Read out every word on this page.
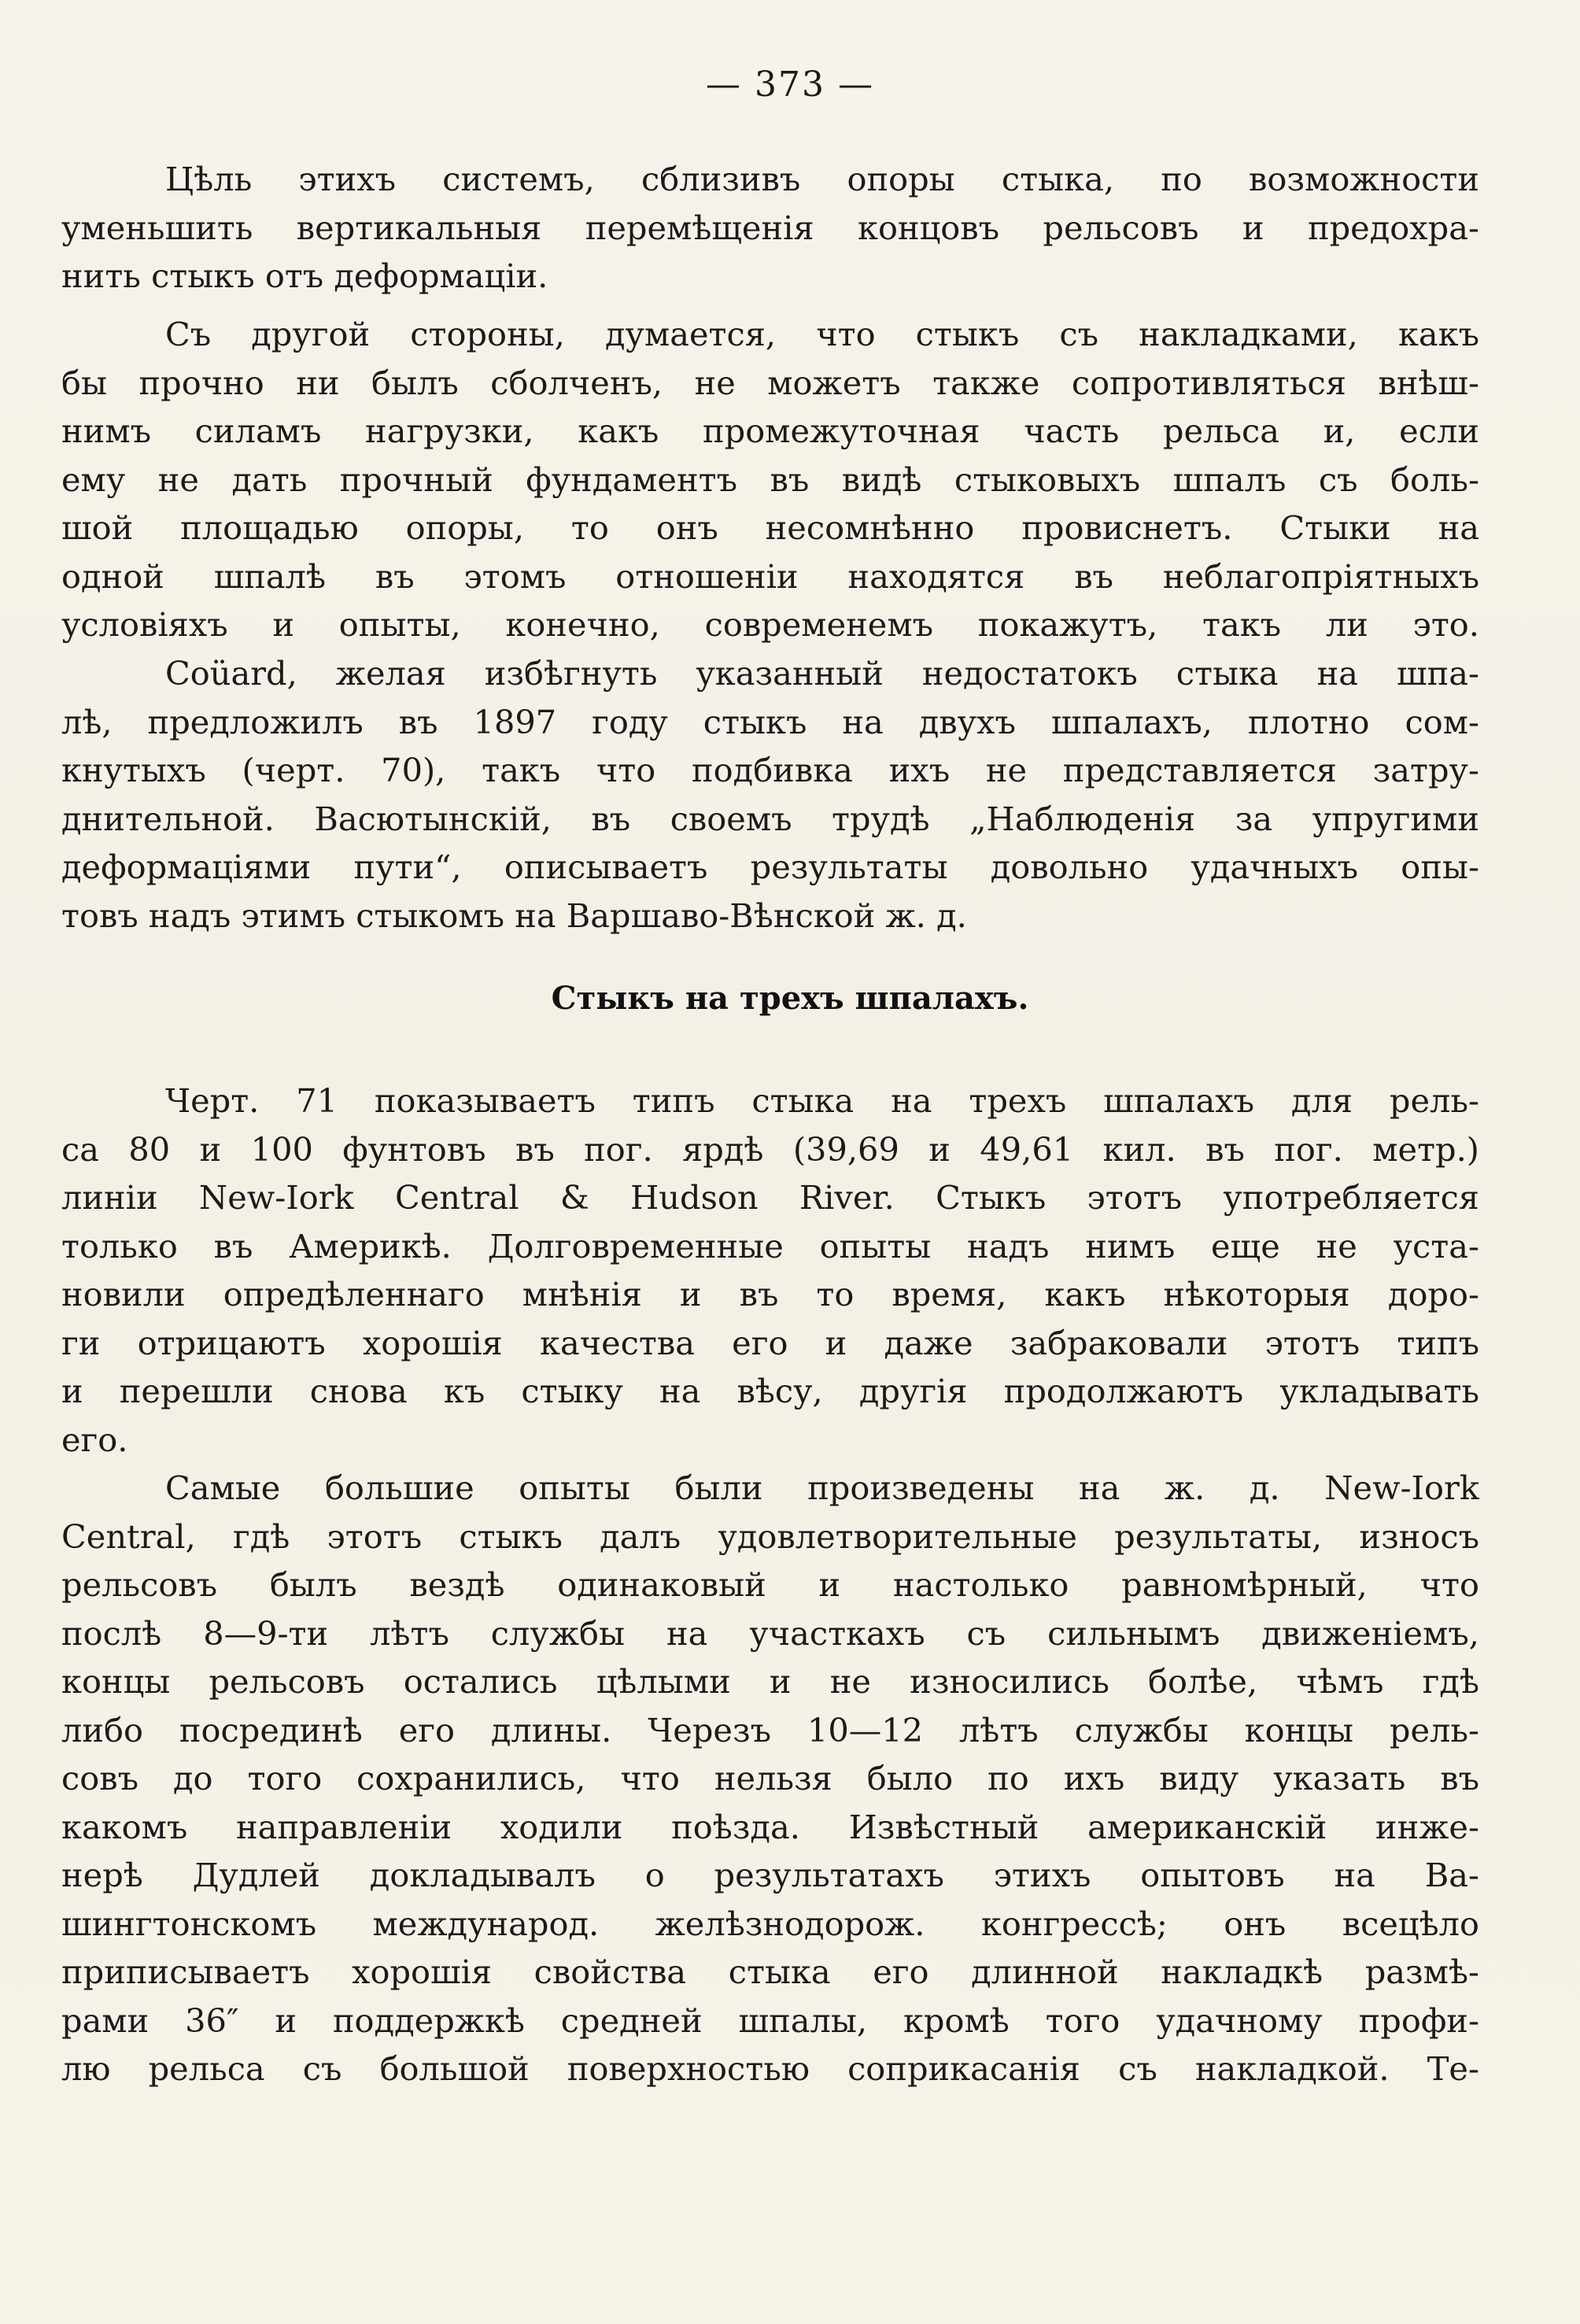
— 373 —
Цѣль этихъ системъ, сблизивъ опоры стыка, по возможности
уменьшить вертикальныя перемѣщенія концовъ рельсовъ и предохра-
нить стыкъ отъ деформаціи.
Съ другой стороны, думается, что стыкъ съ накладками, какъ
бы прочно ни былъ сболченъ, не можетъ также сопротивляться внѣш-
нимъ силамъ нагрузки, какъ промежуточная часть рельса и, если
ему не дать прочный фундаментъ въ видѣ стыковыхъ шпалъ съ боль-
шой площадью опоры, то онъ несомнѣнно провиснетъ. Стыки на
одной шпалѣ въ этомъ отношеніи находятся въ неблагопріятныхъ
условіяхъ и опыты, конечно, современемъ покажутъ, такъ ли это.
Coüard, желая избѣгнуть указанный недостатокъ стыка на шпа-
лѣ, предложилъ въ 1897 году стыкъ на двухъ шпалахъ, плотно сом-
кнутыхъ (черт. 70), такъ что подбивка ихъ не представляется затру-
днительной. Васютынскій, въ своемъ трудѣ „Наблюденія за упругими
деформаціями пути“, описываетъ результаты довольно удачныхъ опы-
товъ надъ этимъ стыкомъ на Варшаво-Вѣнской ж. д.
Стыкъ на трехъ шпалахъ.
Черт. 71 показываетъ типъ стыка на трехъ шпалахъ для рель-
са 80 и 100 фунтовъ въ пог. ярдѣ (39,69 и 49,61 кил. въ пог. метр.)
линіи New-Iork Central & Hudson River. Стыкъ этотъ употребляется
только въ Америкѣ. Долговременные опыты надъ нимъ еще не уста-
новили опредѣленнаго мнѣнія и въ то время, какъ нѣкоторыя доро-
ги отрицаютъ хорошія качества его и даже забраковали этотъ типъ
и перешли снова къ стыку на вѣсу, другія продолжаютъ укладывать
его.
Самые большие опыты были произведены на ж. д. New-Iork
Central, гдѣ этотъ стыкъ далъ удовлетворительные результаты, износъ
рельсовъ былъ вездѣ одинаковый и настолько равномѣрный, что
послѣ 8—9-ти лѣтъ службы на участкахъ съ сильнымъ движеніемъ,
концы рельсовъ остались цѣлыми и не износились болѣе, чѣмъ гдѣ
либо посрединѣ его длины. Черезъ 10—12 лѣтъ службы концы рель-
совъ до того сохранились, что нельзя было по ихъ виду указать въ
какомъ направленіи ходили поѣзда. Извѣстный американскій инже-
нерѣ Дудлей докладывалъ о результатахъ этихъ опытовъ на Ва-
шингтонскомъ международ. желѣзнодорож. конгрессѣ; онъ всецѣло
приписываетъ хорошія свойства стыка его длинной накладкѣ размѣ-
рами 36″ и поддержкѣ средней шпалы, кромѣ того удачному профи-
лю рельса съ большой поверхностью соприкасанія съ накладкой. Те-
